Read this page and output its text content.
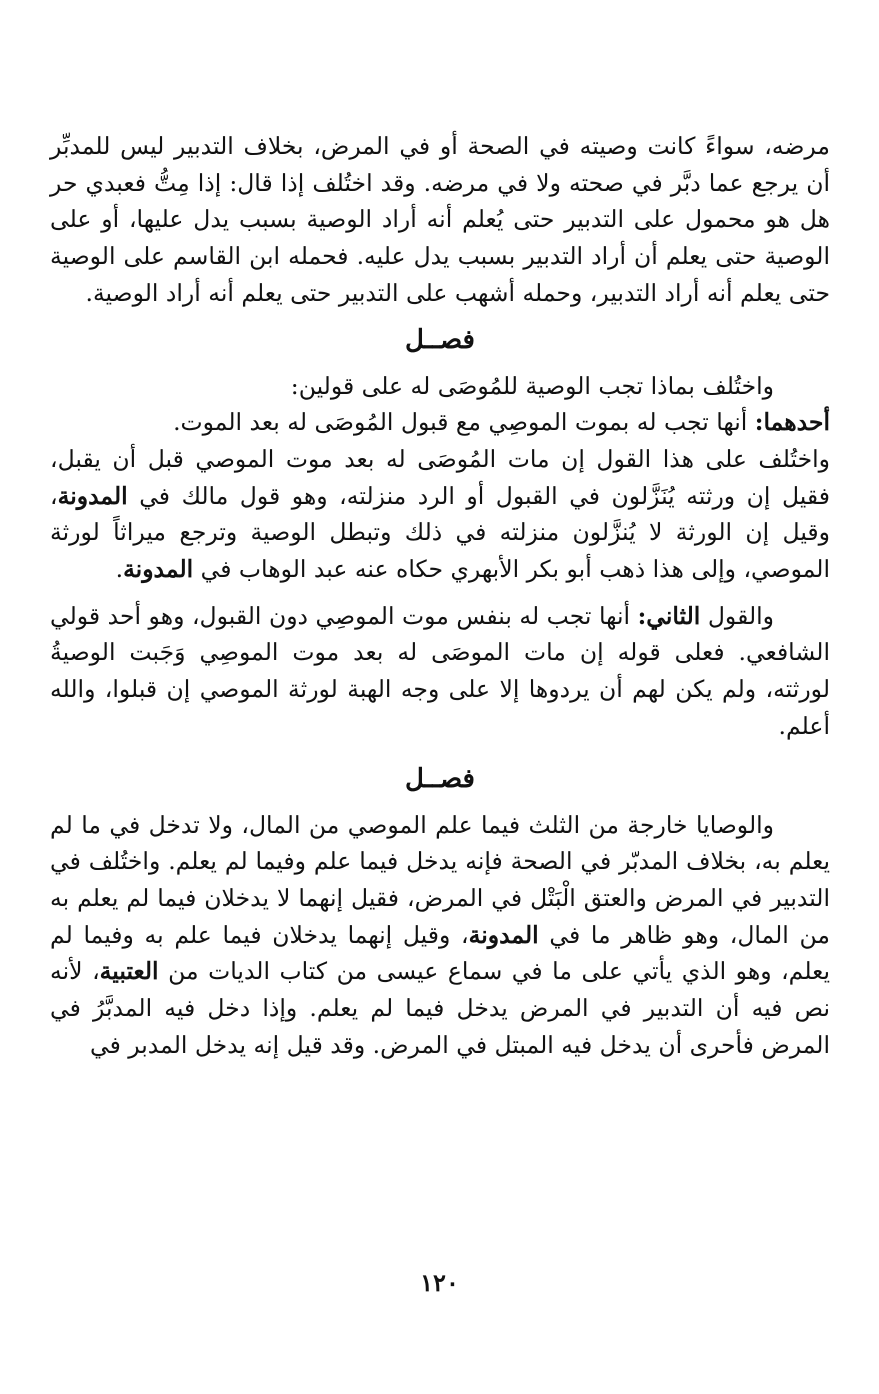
مرضه، سواءً كانت وصيته في الصحة أو في المرض، بخلاف التدبير ليس للمدبِّر أن يرجع عما دبَّر في صحته ولا في مرضه. وقد اختُلف إذا قال: إذا مِتُّ فعبدي حر هل هو محمول على التدبير حتى يُعلم أنه أراد الوصية بسبب يدل عليها، أو على الوصية حتى يعلم أن أراد التدبير بسبب يدل عليه. فحمله ابن القاسم على الوصية حتى يعلم أنه أراد التدبير، وحمله أشهب على التدبير حتى يعلم أنه أراد الوصية.

فصــل

واختُلف بماذا تجب الوصية للمُوصَى له على قولين:

أحدهما: أنها تجب له بموت الموصِي مع قبول المُوصَى له بعد الموت.

واختُلف على هذا القول إن مات المُوصَى له بعد موت الموصي قبل أن يقبل، فقيل إن ورثته يُنَزَّلون في القبول أو الرد منزلته، وهو قول مالك في المدونة، وقيل إن الورثة لا يُنزَّلون منزلته في ذلك وتبطل الوصية وترجع ميراثاً لورثة الموصي، وإلى هذا ذهب أبو بكر الأبهري حكاه عنه عبد الوهاب في المدونة.

والقول الثاني: أنها تجب له بنفس موت الموصِي دون القبول، وهو أحد قولي الشافعي. فعلى قوله إن مات الموصَى له بعد موت الموصِي وَجَبت الوصيةُ لورثته، ولم يكن لهم أن يردوها إلا على وجه الهبة لورثة الموصي إن قبلوا، والله أعلم.

فصــل

والوصايا خارجة من الثلث فيما علم الموصي من المال، ولا تدخل في ما لم يعلم به، بخلاف المدبّر في الصحة فإنه يدخل فيما علم وفيما لم يعلم. واختُلف في التدبير في المرض والعتق الْبَتْل في المرض، فقيل إنهما لا يدخلان فيما لم يعلم به من المال، وهو ظاهر ما في المدونة، وقيل إنهما يدخلان فيما علم به وفيما لم يعلم، وهو الذي يأتي على ما في سماع عيسى من كتاب الديات من العتبية، لأنه نص فيه أن التدبير في المرض يدخل فيما لم يعلم. وإذا دخل فيه المدبَّرُ في المرض فأحرى أن يدخل فيه المبتل في المرض. وقد قيل إنه يدخل المدبر في

١٢٠
